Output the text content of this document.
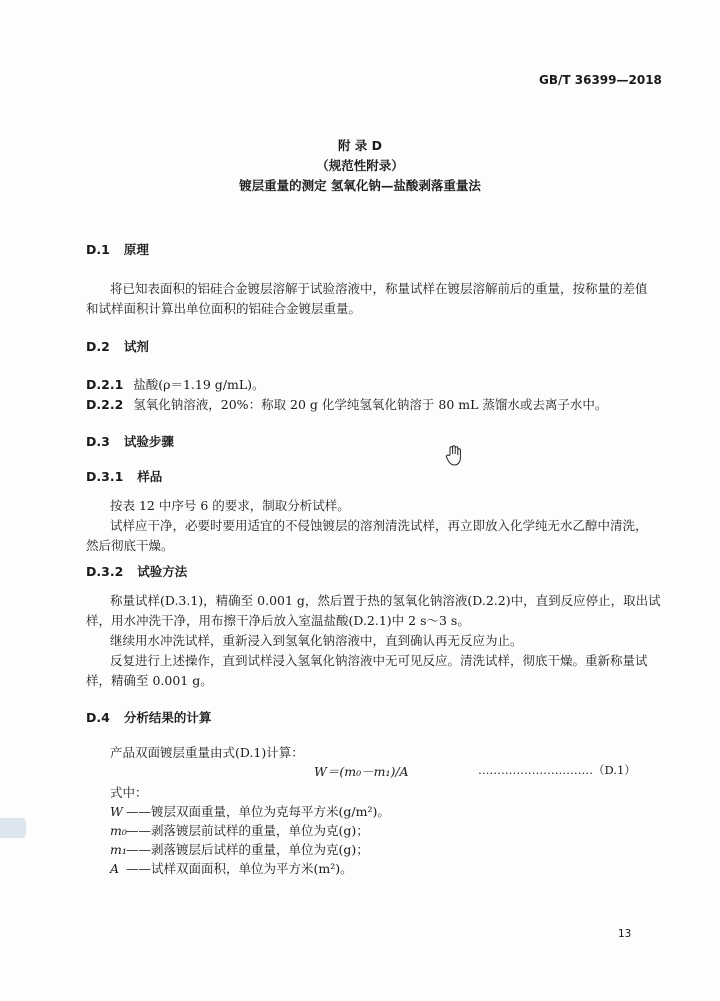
GB/T 36399—2018
附 录 D
（规范性附录）
镀层重量的测定 氢氧化钠—盐酸剥落重量法
D.1 原理
将已知表面积的铝硅合金镀层溶解于试验溶液中，称量试样在镀层溶解前后的重量，按称量的差值
和试样面积计算出单位面积的铝硅合金镀层重量。
D.2 试剂
D.2.1 盐酸(ρ＝1.19 g/mL)。
D.2.2 氢氧化钠溶液，20%：称取 20 g 化学纯氢氧化钠溶于 80 mL 蒸馏水或去离子水中。
D.3 试验步骤
D.3.1 样品
按表 12 中序号 6 的要求，制取分析试样。
试样应干净，必要时要用适宜的不侵蚀镀层的溶剂清洗试样，再立即放入化学纯无水乙醇中清洗，
然后彻底干燥。
D.3.2 试验方法
称量试样(D.3.1)，精确至 0.001 g，然后置于热的氢氧化钠溶液(D.2.2)中，直到反应停止，取出试
样，用水冲洗干净，用布擦干净后放入室温盐酸(D.2.1)中 2 s～3 s。
继续用水冲洗试样，重新浸入到氢氧化钠溶液中，直到确认再无反应为止。
反复进行上述操作，直到试样浸入氢氧化钠溶液中无可见反应。清洗试样，彻底干燥。重新称量试
样，精确至 0.001 g。
D.4 分析结果的计算
产品双面镀层重量由式(D.1)计算：
W＝(m₀－m₁)/A	…………………………（D.1）
式中：
W ——镀层双面重量，单位为克每平方米(g/m²)。
m₀——剥落镀层前试样的重量，单位为克(g)；
m₁——剥落镀层后试样的重量，单位为克(g)；
A ——试样双面面积，单位为平方米(m²)。
13
